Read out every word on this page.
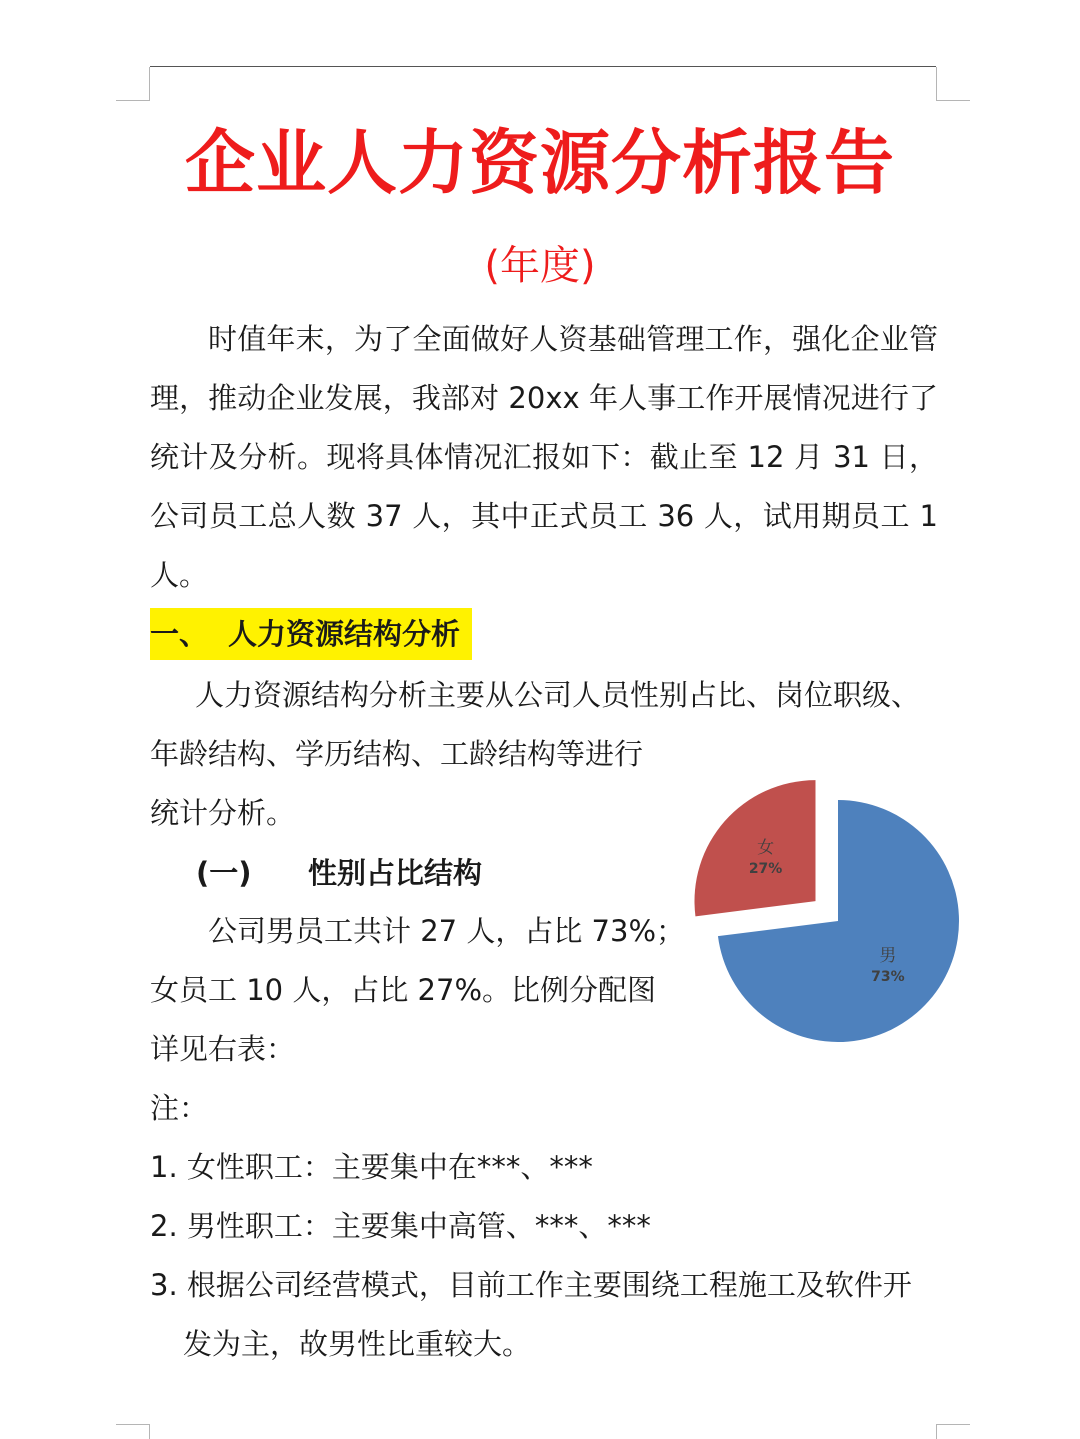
企业人力资源分析报告
(年度)

时值年末，为了全面做好人资基础管理工作，强化企业管理，推动企业发展，我部对 20xx 年人事工作开展情况进行了统计及分析。现将具体情况汇报如下：截止至 12 月 31 日，公司员工总人数 37 人，其中正式员工 36 人，试用期员工 1 人。

一、 人力资源结构分析
人力资源结构分析主要从公司人员性别占比、岗位职级、
年龄结构、学历结构、工龄结构等进行
统计分析。
(一) 性别占比结构
公司男员工共计 27 人，占比 73%；
女员工 10 人，占比 27%。比例分配图
详见右表：
注：
1. 女性职工：主要集中在***、***
2. 男性职工：主要集中高管、***、***
3. 根据公司经营模式，目前工作主要围绕工程施工及软件开
发为主，故男性比重较大。
男
73%
女
27%
